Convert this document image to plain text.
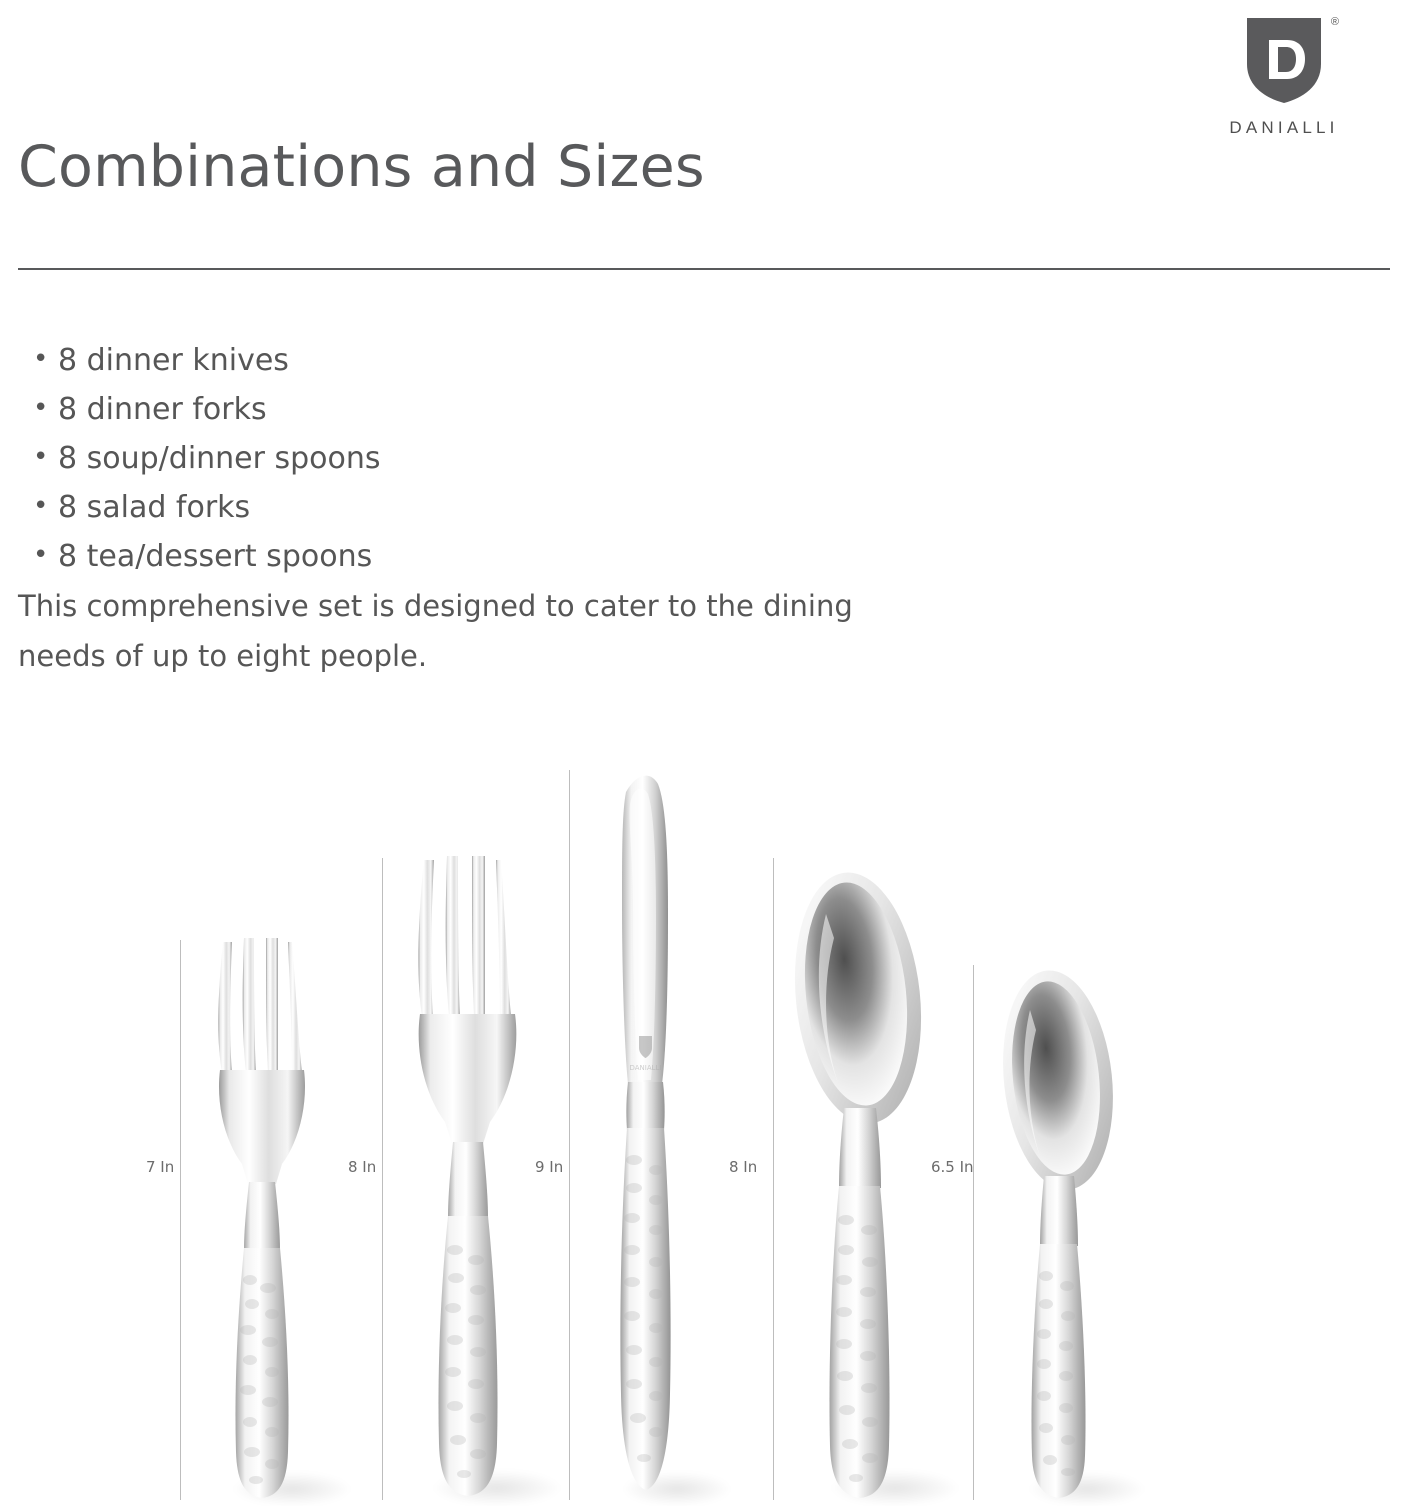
®
DANIALLI
Combinations and Sizes
• 8 dinner knives
• 8 dinner forks
• 8 soup/dinner spoons
• 8 salad forks
• 8 tea/dessert spoons
This comprehensive set is designed to cater to the dining needs of up to eight people.
7 In	8 In	9 In	8 In	6.5 In
DANIALLI
